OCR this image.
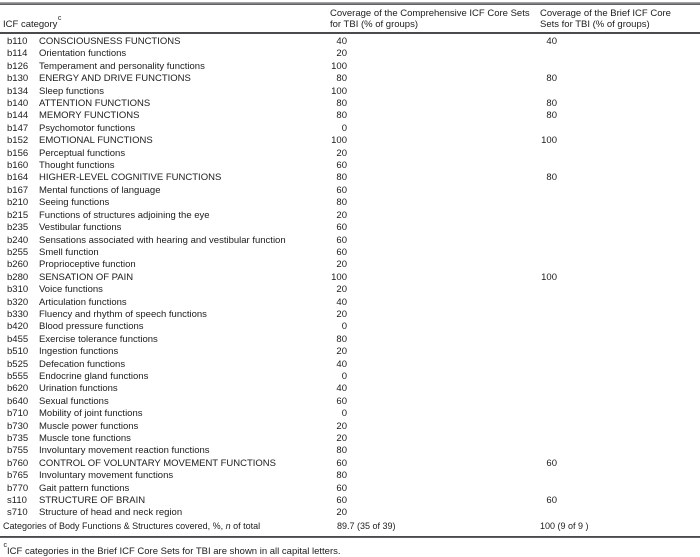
ICF category$^c$	Coverage of the Comprehensive ICF Core Sets for TBI (% of groups)
Coverage of the Brief ICF Core Sets for TBI (% of groups)
b110	CONSCIOUSNESS FUNCTIONS	40	40
b114	Orientation functions	20
b126	Temperament and personality functions	100
b130	ENERGY AND DRIVE FUNCTIONS	80	80
b134	Sleep functions	100
b140	ATTENTION FUNCTIONS	80	80
b144	MEMORY FUNCTIONS	80	80
b147	Psychomotor functions	0
b152	EMOTIONAL FUNCTIONS	100	100
b156	Perceptual functions	20
b160	Thought functions	60
b164	HIGHER-LEVEL COGNITIVE FUNCTIONS	80	80
b167	Mental functions of language	60
b210	Seeing functions	80
b215	Functions of structures adjoining the eye	20
b235	Vestibular functions	60
b240	Sensations associated with hearing and vestibular function	60
b255	Smell function	60
b260	Proprioceptive function	20
b280	SENSATION OF PAIN	100	100
b310	Voice functions	20
b320	Articulation functions	40
b330	Fluency and rhythm of speech functions	20
b420	Blood pressure functions	0
b455	Exercise tolerance functions	80
b510	Ingestion functions	20
b525	Defecation functions	40
b555	Endocrine gland functions	0
b620	Urination functions	40
b640	Sexual functions	60
b710	Mobility of joint functions	0
b730	Muscle power functions	20
b735	Muscle tone functions	20
b755	Involuntary movement reaction functions	80
b760	CONTROL OF VOLUNTARY MOVEMENT FUNCTIONS	60	60
b765	Involuntary movement functions	80
b770	Gait pattern functions	60
s110	STRUCTURE OF BRAIN	60	60
s710	Structure of head and neck region	20
Categories of Body Functions & Structures covered, %, n of total	89.7 (35 of 39)	100 (9 of 9 )
$^c$ICF categories in the Brief ICF Core Sets for TBI are shown in all capital letters.
